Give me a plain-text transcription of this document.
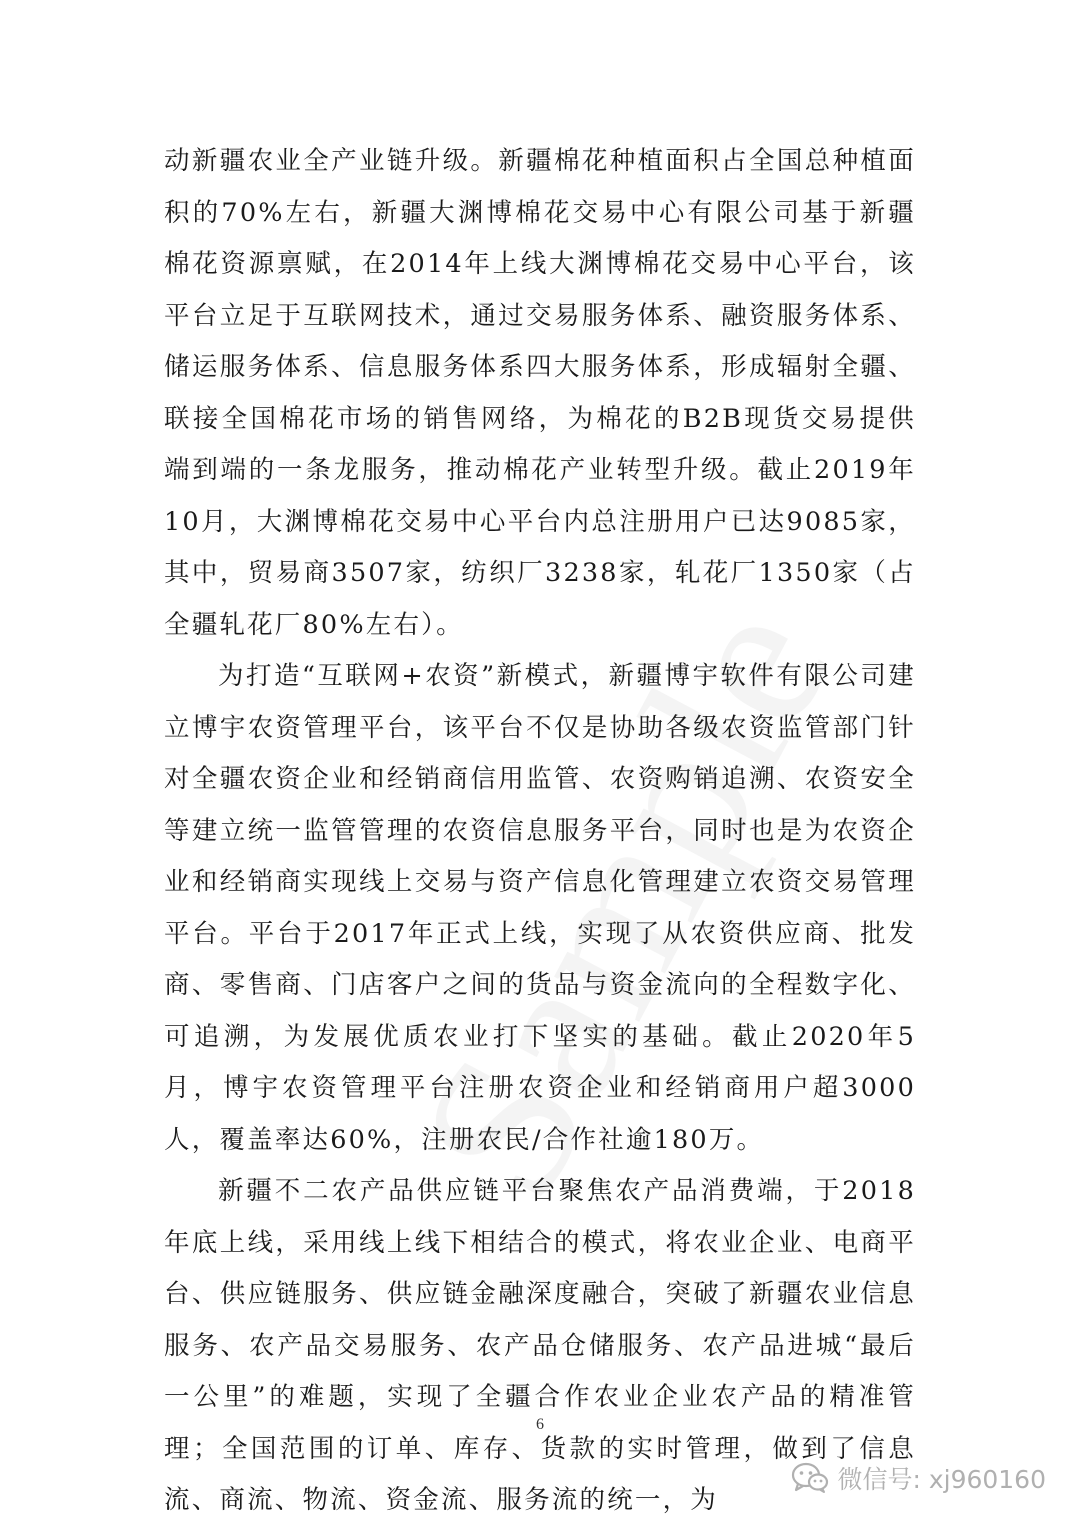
动新疆农业全产业链升级。新疆棉花种植面积占全国总种植面积的70%左右，新疆大渊博棉花交易中心有限公司基于新疆棉花资源禀赋，在2014年上线大渊博棉花交易中心平台，该平台立足于互联网技术，通过交易服务体系、融资服务体系、储运服务体系、信息服务体系四大服务体系，形成辐射全疆、联接全国棉花市场的销售网络，为棉花的B2B现货交易提供端到端的一条龙服务，推动棉花产业转型升级。截止2019年10月，大渊博棉花交易中心平台内总注册用户已达9085家，其中，贸易商3507家，纺织厂3238家，轧花厂1350家（占全疆轧花厂80%左右）。

为打造“互联网+农资”新模式，新疆博宇软件有限公司建立博宇农资管理平台，该平台不仅是协助各级农资监管部门针对全疆农资企业和经销商信用监管、农资购销追溯、农资安全等建立统一监管管理的农资信息服务平台，同时也是为农资企业和经销商实现线上交易与资产信息化管理建立农资交易管理平台。平台于2017年正式上线，实现了从农资供应商、批发商、零售商、门店客户之间的货品与资金流向的全程数字化、可追溯，为发展优质农业打下坚实的基础。截止2020年5月，博宇农资管理平台注册农资企业和经销商用户超3000人，覆盖率达60%，注册农民/合作社逾180万。

新疆不二农产品供应链平台聚焦农产品消费端，于2018年底上线，采用线上线下相结合的模式，将农业企业、电商平台、供应链服务、供应链金融深度融合，突破了新疆农业信息服务、农产品交易服务、农产品仓储服务、农产品进城“最后一公里”的难题，实现了全疆合作农业企业农产品的精准管理；全国范围的订单、库存、货款的实时管理，做到了信息流、商流、物流、资金流、服务流的统一，为

6
微信号: xj960160
